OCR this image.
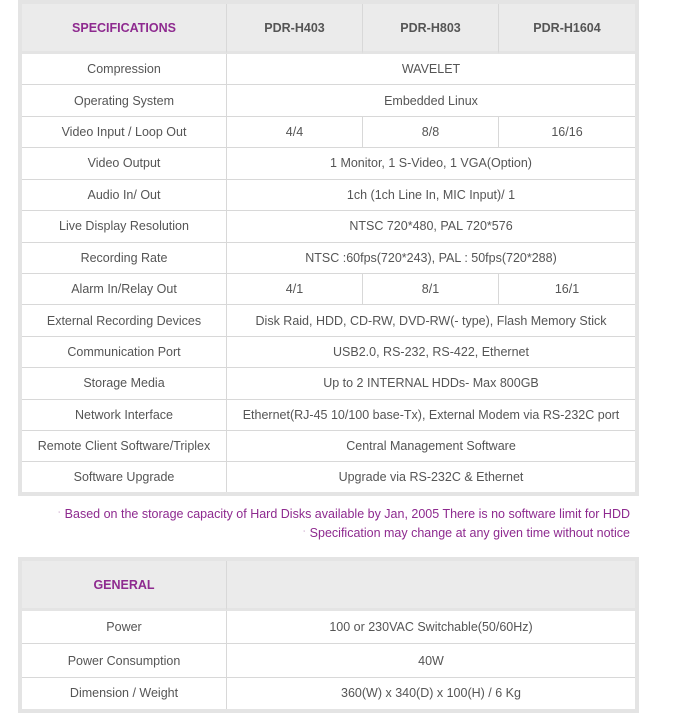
SPECIFICATIONS	PDR-H403	PDR-H803	PDR-H1604
Compression	WAVELET		
Operating System	Embedded Linux		
Video Input / Loop Out	4/4	8/8	16/16
Video Output	1 Monitor, 1 S-Video, 1 VGA(Option)		
Audio In/ Out	1ch (1ch Line In, MIC Input)/ 1		
Live Display Resolution	NTSC 720*480, PAL 720*576		
Recording Rate	NTSC :60fps(720*243), PAL : 50fps(720*288)		
Alarm In/Relay Out	4/1	8/1	16/1
External Recording Devices	Disk Raid, HDD, CD-RW, DVD-RW(- type), Flash Memory Stick		
Communication Port	USB2.0, RS-232, RS-422, Ethernet		
Storage Media	Up to 2 INTERNAL HDDs- Max 800GB		
Network Interface	Ethernet(RJ-45 10/100 base-Tx), External Modem via RS-232C port		
Remote Client Software/Triplex	Central Management Software		
Software Upgrade	Upgrade via RS-232C & Ethernet		
ʿ Based on the storage capacity of Hard Disks available by Jan, 2005 There is no software limit for HDD
ʿ Specification may change at any given time without notice
GENERAL	
Power	100 or 230VAC Switchable(50/60Hz)
Power Consumption	40W
Dimension / Weight	360(W) x 340(D) x 100(H) / 6 Kg
